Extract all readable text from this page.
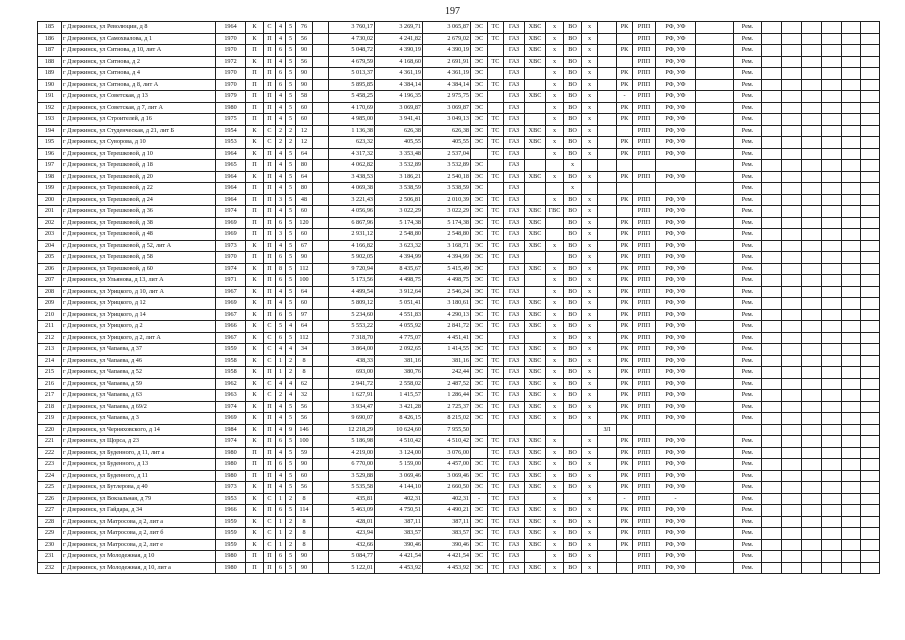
197
185	г Дзержинск, ул Революции, д 8	1964	К	С	4	5	76		3 760,17	3 269,71	3 065,87	ЭС	ТС	ГАЗ	ХВС	х	ВО	х		РК	РПП	РФ, УФ		Рем.						
186	г Дзержинск, ул Самохвалова, д 1	1970	К	П	4	5	56		4 730,02	4 241,82	2 679,02	ЭС	ТС	ГАЗ	ХВС	х	ВО	х			РПП	РФ, УФ		Рем.						
187	г Дзержинск, ул Ситнова, д 10, лит А	1970	П	П	6	5	90		5 048,72	4 390,19	4 390,19	ЭС		ГАЗ	ХВС	х	ВО	х		РК	РПП	РФ, УФ		Рем.						
188	г Дзержинск, ул Ситнова, д 2	1972	К	П	4	5	56		4 679,59	4 168,60	2 691,91	ЭС	ТС	ГАЗ	ХВС	х	ВО	х			РПП	РФ, УФ		Рем.						
189	г Дзержинск, ул Ситнова, д 4	1970	П	П	6	5	90		5 013,37	4 361,19	4 361,19	ЭС		ГАЗ		х	ВО	х		РК	РПП	РФ, УФ		Рем.						
190	г Дзержинск, ул Ситнова, д 8, лит А	1970	П	П	6	5	90		5 895,85	4 384,14	4 384,14	ЭС	ТС	ГАЗ		х	ВО	х		РК	РПП	РФ, УФ		Рем.						
191	г Дзержинск, ул Советская, д 13	1979	П	П	4	5	58		5 458,25	4 196,35	2 975,75	ЭС		ГАЗ	ХВС	х	ВО	х		-	РПП	РФ, УФ		Рем.						
192	г Дзержинск, ул Советская, д 7, лит А	1980	П	П	4	5	60		4 170,69	3 069,87	3 069,87	ЭС		ГАЗ		х	ВО	х		РК	РПП	РФ, УФ		Рем.						
193	г Дзержинск, ул Строителей, д 16	1975	П	П	4	5	60		4 985,00	3 941,41	3 049,13	ЭС	ТС	ГАЗ		х	ВО	х		РК	РПП	РФ, УФ		Рем.						
194	г Дзержинск, ул Студенческая, д 21, лит Б	1954	К	С	2	2	12		1 136,38	626,38	626,38	ЭС	ТС	ГАЗ	ХВС	х	ВО	х			РПП	РФ, УФ		Рем.						
195	г Дзержинск, ул Суворова, д 10	1953	К	С	2	2	12		623,32	405,55	405,55	ЭС	ТС	ГАЗ	ХВС	х	ВО	х		РК	РПП	РФ, УФ		Рем.						
196	г Дзержинск, ул Терешковой, д 10	1964	К	П	4	5	64		4 317,32	3 353,48	2 537,04		ТС	ГАЗ		х	ВО	х		РК	РПП	РФ, УФ		Рем.						
197	г Дзержинск, ул Терешковой, д 18	1965	П	П	4	5	80		4 062,82	3 532,89	3 532,89	ЭС		ГАЗ			х							Рем.						
198	г Дзержинск, ул Терешковой, д 20	1964	К	П	4	5	64		3 438,53	3 186,21	2 540,18	ЭС	ТС	ГАЗ	ХВС	х	ВО	х		РК	РПП	РФ, УФ		Рем.						
199	г Дзержинск, ул Терешковой, д 22	1964	П	П	4	5	80		4 069,38	3 538,59	3 538,59	ЭС		ГАЗ			х							Рем.						
200	г Дзержинск, ул Терешковой, д 24	1964	П	П	3	5	48		3 221,43	2 506,81	2 010,39	ЭС	ТС	ГАЗ		х	ВО	х		РК	РПП	РФ, УФ		Рем.						
201	г Дзержинск, ул Терешковой, д 36	1974	П	П	4	5	60		4 056,96	3 022,29	3 022,29	ЭС	ТС	ГАЗ	ХВС	ГВС	ВО	х			РПП	РФ, УФ		Рем.						
202	г Дзержинск, ул Терешковой, д 38	1969	П	П	6	5	120		6 867,96	5 174,38	5 174,38	ЭС	ТС	ГАЗ	ХВС		ВО	х		РК	РПП	РФ, УФ		Рем.						
203	г Дзержинск, ул Терешковой, д 48	1969	П	П	3	5	60		2 931,12	2 548,80	2 548,80	ЭС	ТС	ГАЗ	ХВС		ВО	х		РК	РПП	РФ, УФ		Рем.						
204	г Дзержинск, ул Терешковой, д 52, лит А	1973	К	П	4	5	67		4 166,82	3 623,32	3 168,71	ЭС	ТС	ГАЗ	ХВС	х	ВО	х		РК	РПП	РФ, УФ		Рем.						
205	г Дзержинск, ул Терешковой, д 58	1970	П	П	6	5	90		5 902,05	4 394,99	4 394,99	ЭС	ТС	ГАЗ			ВО	х		РК	РПП	РФ, УФ		Рем.						
206	г Дзержинск, ул Терешковой, д 60	1974	К	П	8	5	112		9 720,94	8 435,67	5 415,49	ЭС		ГАЗ	ХВС	х	ВО	х		РК	РПП	РФ, УФ		Рем.						
207	г Дзержинск, ул Ульянова, д 13, лит А	1971	К	П	6	5	100		5 173,56	4 498,75	4 498,75	ЭС	ТС	ГАЗ		х	ВО	х		РК	РПП	РФ, УФ		Рем.						
208	г Дзержинск, ул Урицкого, д 10, лит А	1967	К	П	4	5	64		4 499,54	3 912,64	2 546,24	ЭС	ТС	ГАЗ		х	ВО	х		РК	РПП	РФ, УФ		Рем.						
209	г Дзержинск, ул Урицкого, д 12	1969	К	П	4	5	60		5 809,12	5 051,41	3 180,61	ЭС	ТС	ГАЗ	ХВС	х	ВО	х		РК	РПП	РФ, УФ		Рем.						
210	г Дзержинск, ул Урицкого, д 14	1967	К	П	6	5	97		5 234,60	4 551,83	4 290,13	ЭС	ТС	ГАЗ	ХВС	х	ВО	х		РК	РПП	РФ, УФ		Рем.						
211	г Дзержинск, ул Урицкого, д 2	1966	К	С	5	4	64		5 553,22	4 055,92	2 841,72	ЭС	ТС	ГАЗ	ХВС	х	ВО	х		РК	РПП	РФ, УФ		Рем.						
212	г Дзержинск, ул Урицкого, д 2, лит А	1967	К	С	6	5	112		7 318,70	4 775,07	4 451,41	ЭС		ГАЗ		х	ВО	х		РК	РПП	РФ, УФ		Рем.						
213	г Дзержинск, ул Чапаева, д 37	1959	К	С	4	4	34		3 864,00	2 092,65	1 414,55	ЭС	ТС	ГАЗ	ХВС	х	ВО	х		РК	РПП	РФ, УФ		Рем.						
214	г Дзержинск, ул Чапаева, д 46	1958	К	С	1	2	8		438,33	381,16	381,16	ЭС	ТС	ГАЗ	ХВС	х	ВО	х		РК	РПП	РФ, УФ		Рем.						
215	г Дзержинск, ул Чапаева, д 52	1958	К	П	1	2	8		693,00	380,76	242,44	ЭС	ТС	ГАЗ	ХВС	х	ВО	х		РК	РПП	РФ, УФ		Рем.						
216	г Дзержинск, ул Чапаева, д 59	1962	К	С	4	4	62		2 941,72	2 558,02	2 487,52	ЭС	ТС	ГАЗ	ХВС	х	ВО	х		РК	РПП	РФ, УФ		Рем.						
217	г Дзержинск, ул Чапаева, д 63	1963	К	С	2	4	32		1 627,91	1 415,57	1 286,44	ЭС	ТС	ГАЗ	ХВС	х	ВО	х		РК	РПП	РФ, УФ		Рем.						
218	г Дзержинск, ул Чапаева, д 69/2	1974	К	П	4	5	56		3 934,47	3 421,28	2 725,37	ЭС	ТС	ГАЗ	ХВС	х	ВО	х		РК	РПП	РФ, УФ		Рем.						
219	г Дзержинск, ул Чапаева, д 3	1969	К	П	4	5	56		9 690,07	8 426,15	8 215,02	ЭС	ТС	ГАЗ	ХВС	х	ВО	х		РК	РПП	РФ, УФ		Рем.						
220	г Дзержинск, ул Черняховского, д 14	1984	К	П	4	9	146		12 218,29	10 624,60	7 955,50								ЗЛ											
221	г Дзержинск, ул Щорса, д 23	1974	К	П	6	5	100		5 186,98	4 510,42	4 510,42	ЭС	ТС	ГАЗ	ХВС	х		х		РК	РПП	РФ, УФ		Рем.						
222	г Дзержинск, ул Буденного, д 11, лит а	1980	П	П	4	5	59		4 219,00	3 124,00	3 076,00		ТС	ГАЗ	ХВС	х	ВО	х		РК	РПП	РФ, УФ		Рем.						
223	г Дзержинск, ул Буденного, д 13	1980	П	П	6	5	90		6 770,00	5 159,00	4 457,00	ЭС	ТС	ГАЗ	ХВС	х	ВО	х		РК	РПП	РФ, УФ		Рем.						
224	г Дзержинск, ул Буденного, д 11	1980	П	П	4	5	60		3 529,88	3 069,46	3 069,46	ЭС	ТС	ГАЗ	ХВС	х	ВО	х		РК	РПП	РФ, УФ		Рем.						
225	г Дзержинск, ул Бутлерова, д 40	1973	К	П	4	5	56		5 535,58	4 144,10	2 660,50	ЭС	ТС	ГАЗ	ХВС	х	ВО	х		РК	РПП	РФ, УФ		Рем.						
226	г Дзержинск, ул Вокзальная, д 79	1953	К	С	1	2	8		435,81	402,31	402,31	-	ТС	ГАЗ		х		х		-	РПП	-		Рем.						
227	г Дзержинск, ул Гайдара, д 34	1966	К	П	6	5	114		5 463,09	4 750,51	4 490,21	ЭС	ТС	ГАЗ	ХВС	х	ВО	х		РК	РПП	РФ, УФ		Рем.						
228	г Дзержинск, ул Матросова, д 2, лит а	1959	К	С	1	2	8		428,01	387,11	387,11	ЭС	ТС	ГАЗ	ХВС	х	ВО	х		РК	РПП	РФ, УФ		Рем.						
229	г Дзержинск, ул Матросова, д 2, лит б	1959	К	С	1	2	8		423,94	383,57	383,57	ЭС	ТС	ГАЗ	ХВС	х	ВО	х		РК	РПП	РФ, УФ		Рем.						
230	г Дзержинск, ул Матросова, д 2, лит е	1959	К	С	1	2	8		432,66	390,46	390,46	ЭС	ТС	ГАЗ	ХВС	х	ВО	х		РК	РПП	РФ, УФ		Рем.						
231	г Дзержинск, ул Молодежная, д 10	1980	П	П	6	5	90		5 084,77	4 421,54	4 421,54	ЭС	ТС	ГАЗ		х	ВО	х			РПП	РФ, УФ		Рем.						
232	г Дзержинск, ул Молодежная, д 10, лит а	1980	П	П	6	5	90		5 122,01	4 453,92	4 453,92	ЭС	ТС	ГАЗ	ХВС	х	ВО	х			РПП	РФ, УФ		Рем.						
